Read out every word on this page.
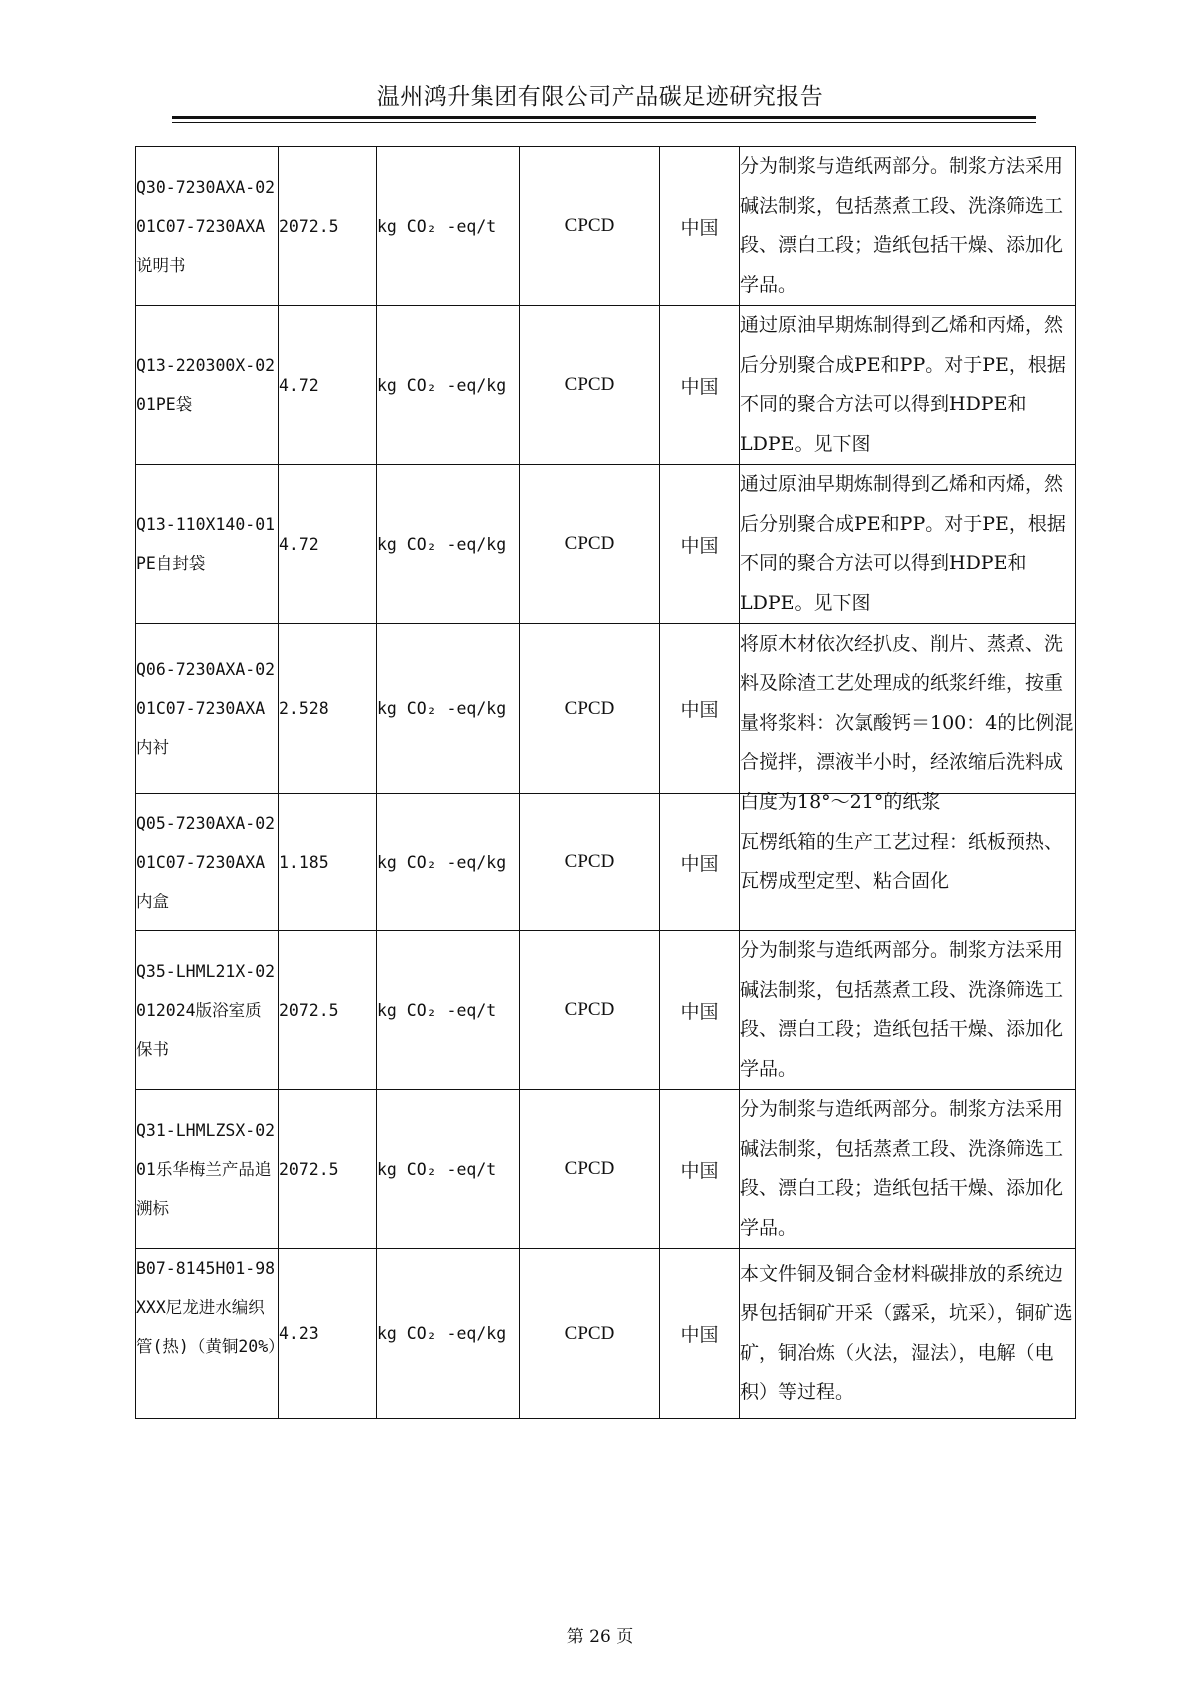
温州鸿升集团有限公司产品碳足迹研究报告
Q30-7230AXA-0201C07-7230AXA说明书	2072.5	kg CO₂ -eq/t	CPCD	中国	分为制浆与造纸两部分。制浆方法采用碱法制浆，包括蒸煮工段、洗涤筛选工段、漂白工段；造纸包括干燥、添加化学品。

Q13-220300X-0201PE袋	4.72	kg CO₂ -eq/kg	CPCD	中国	通过原油早期炼制得到乙烯和丙烯，然后分别聚合成PE和PP。对于PE，根据不同的聚合方法可以得到HDPE和LDPE。见下图

Q13-110X140-01PE自封袋	4.72	kg CO₂ -eq/kg	CPCD	中国	通过原油早期炼制得到乙烯和丙烯，然后分别聚合成PE和PP。对于PE，根据不同的聚合方法可以得到HDPE和LDPE。见下图

Q06-7230AXA-0201C07-7230AXA内衬	2.528	kg CO₂ -eq/kg	CPCD	中国	将原木材依次经扒皮、削片、蒸煮、洗料及除渣工艺处理成的纸浆纤维，按重量将浆料：次氯酸钙＝100：4的比例混合搅拌，漂液半小时，经浓缩后洗料成白度为18°～21°的纸浆

Q05-7230AXA-0201C07-7230AXA内盒	1.185	kg CO₂ -eq/kg	CPCD	中国	瓦楞纸箱的生产工艺过程：纸板预热、瓦楞成型定型、粘合固化

Q35-LHML21X-02012024版浴室质保书	2072.5	kg CO₂ -eq/t	CPCD	中国	分为制浆与造纸两部分。制浆方法采用碱法制浆，包括蒸煮工段、洗涤筛选工段、漂白工段；造纸包括干燥、添加化学品。

Q31-LHMLZSX-0201乐华梅兰产品追溯标	2072.5	kg CO₂ -eq/t	CPCD	中国	分为制浆与造纸两部分。制浆方法采用碱法制浆，包括蒸煮工段、洗涤筛选工段、漂白工段；造纸包括干燥、添加化学品。

B07-8145H01-98XXX尼龙进水编织管(热)（黄铜20%）	4.23	kg CO₂ -eq/kg	CPCD	中国	本文件铜及铜合金材料碳排放的系统边界包括铜矿开采（露采，坑采），铜矿选矿，铜冶炼（火法，湿法），电解（电积）等过程。
第 26 页
